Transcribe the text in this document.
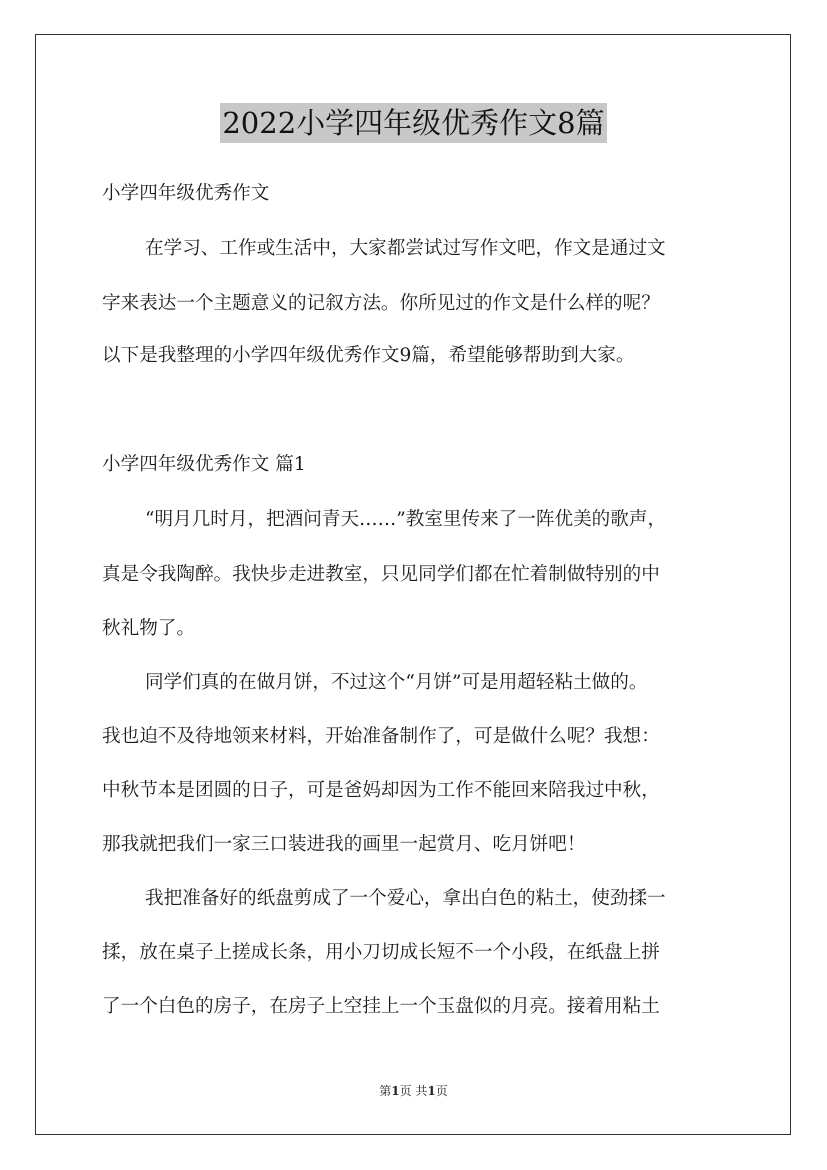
2022小学四年级优秀作文8篇

小学四年级优秀作文

在学习、工作或生活中，大家都尝试过写作文吧，作文是通过文

字来表达一个主题意义的记叙方法。你所见过的作文是什么样的呢？

以下是我整理的小学四年级优秀作文9篇，希望能够帮助到大家。

小学四年级优秀作文 篇1

“明月几时月，把酒问青天……”教室里传来了一阵优美的歌声，

真是令我陶醉。我快步走进教室，只见同学们都在忙着制做特别的中

秋礼物了。

同学们真的在做月饼，不过这个“月饼”可是用超轻粘土做的。

我也迫不及待地领来材料，开始准备制作了，可是做什么呢？我想：

中秋节本是团圆的日子，可是爸妈却因为工作不能回来陪我过中秋，

那我就把我们一家三口装进我的画里一起赏月、吃月饼吧！

我把准备好的纸盘剪成了一个爱心，拿出白色的粘土，使劲揉一

揉，放在桌子上搓成长条，用小刀切成长短不一个小段，在纸盘上拼

了一个白色的房子，在房子上空挂上一个玉盘似的月亮。接着用粘土

第1页 共1页
